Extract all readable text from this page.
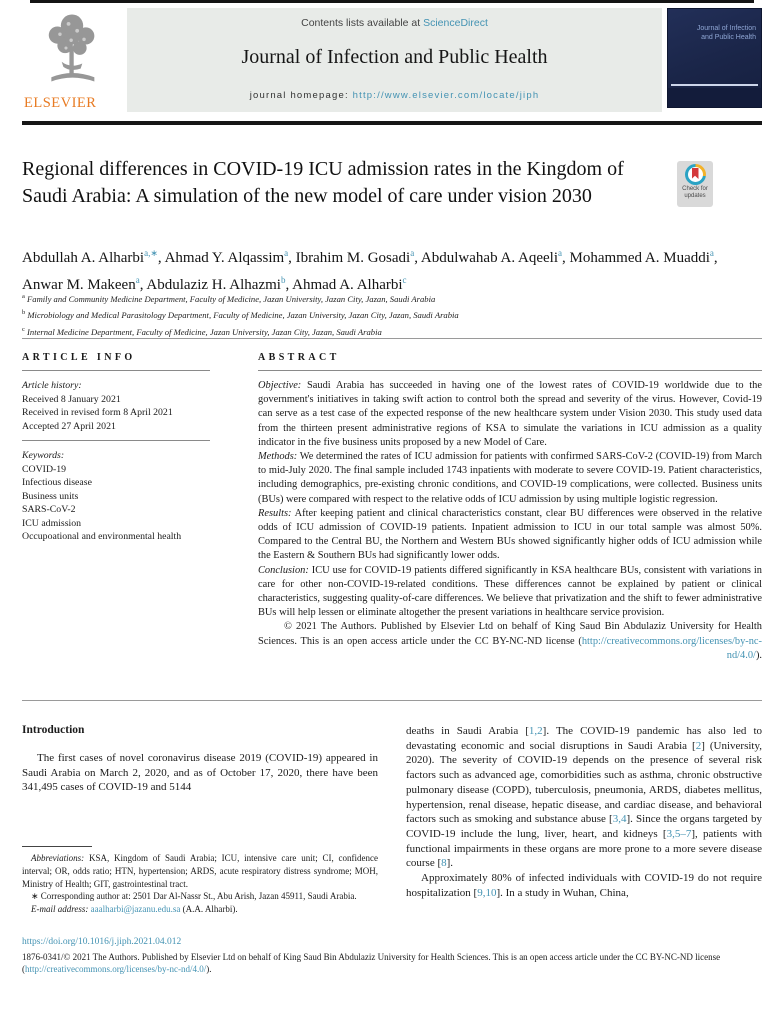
ELSEVIER
Contents lists available at ScienceDirect
Journal of Infection and Public Health
journal homepage: http://www.elsevier.com/locate/jiph
Journal of Infection and Public Health
Regional differences in COVID-19 ICU admission rates in the Kingdom of Saudi Arabia: A simulation of the new model of care under vision 2030	Check for updates
Abdullah A. Alharbi$^{a,∗}$, Ahmad Y. Alqassim$^a$, Ibrahim M. Gosadi$^a$, Abdulwahab A. Aqeeli$^a$, Mohammed A. Muaddi$^a$, Anwar M. Makeen$^a$, Abdulaziz H. Alhazmi$^b$, Ahmad A. Alharbi$^c$
$^a$ Family and Community Medicine Department, Faculty of Medicine, Jazan University, Jazan City, Jazan, Saudi Arabia
$^b$ Microbiology and Medical Parasitology Department, Faculty of Medicine, Jazan University, Jazan City, Jazan, Saudi Arabia
$^c$ Internal Medicine Department, Faculty of Medicine, Jazan University, Jazan City, Jazan, Saudi Arabia
ARTICLE INFO
Article history:
Received 8 January 2021
Received in revised form 8 April 2021
Accepted 27 April 2021
Keywords:
COVID-19
Infectious disease
Business units
SARS-CoV-2
ICU admission
Occupoational and environmental health
ABSTRACT

Objective: Saudi Arabia has succeeded in having one of the lowest rates of COVID-19 worldwide due to the government's initiatives in taking swift action to control both the spread and severity of the virus. However, Covid-19 can serve as a test case of the expected response of the new healthcare system under Vision 2030. This study used data from the thirteen present administrative regions of KSA to simulate the variations in ICU admission as a quality indicator in the five business units proposed by a new Model of Care.

Methods: We determined the rates of ICU admission for patients with confirmed SARS-CoV-2 (COVID-19) from March to mid-July 2020. The final sample included 1743 inpatients with moderate to severe COVID-19. Patient characteristics, including demographics, pre-existing chronic conditions, and COVID-19 complications, were collected. Business units (BUs) were compared with respect to the relative odds of ICU admission by using multiple logistic regression.

Results: After keeping patient and clinical characteristics constant, clear BU differences were observed in the relative odds of ICU admission of COVID-19 patients. Inpatient admission to ICU in our total sample was almost 50%. Compared to the Central BU, the Northern and Western BUs showed significantly higher odds of ICU admission while the Eastern & Southern BUs had significantly lower odds.

Conclusion: ICU use for COVID-19 patients differed significantly in KSA healthcare BUs, consistent with variations in care for other non-COVID-19-related conditions. These differences cannot be explained by patient or clinical characteristics, suggesting quality-of-care differences. We believe that privatization and the shift to fewer administrative BUs will help lessen or eliminate altogether the present variations in healthcare service provision.

© 2021 The Authors. Published by Elsevier Ltd on behalf of King Saud Bin Abdulaziz University for Health Sciences. This is an open access article under the CC BY-NC-ND license (http://creativecommons.org/licenses/by-nc-nd/4.0/).
Introduction

The first cases of novel coronavirus disease 2019 (COVID-19) appeared in Saudi Arabia on March 2, 2020, and as of October 17, 2020, there have been 341,495 cases of COVID-19 and 5144

deaths in Saudi Arabia [1,2]. The COVID-19 pandemic has also led to devastating economic and social disruptions in Saudi Arabia [2] (University, 2020). The severity of COVID-19 depends on the presence of several risk factors such as advanced age, comorbidities such as asthma, chronic obstructive pulmonary disease (COPD), tuberculosis, pneumonia, ARDS, diabetes mellitus, hypertension, renal disease, hepatic disease, and cardiac disease, and behavioral factors such as smoking and substance abuse [3,4]. Since the organs targeted by COVID-19 include the lung, liver, heart, and kidneys [3,5–7], patients with functional impairments in these organs are more prone to a more severe disease course [8].

Approximately 80% of infected individuals with COVID-19 do not require hospitalization [9,10]. In a study in Wuhan, China,

Abbreviations: KSA, Kingdom of Saudi Arabia; ICU, intensive care unit; CI, confidence interval; OR, odds ratio; HTN, hypertension; ARDS, acute respiratory distress syndrome; MOH, Ministry of Health; GIT, gastrointestinal tract.
∗ Corresponding author at: 2501 Dar Al-Nassr St., Abu Arish, Jazan 45911, Saudi Arabia.
E-mail address: aaalharbi@jazanu.edu.sa (A.A. Alharbi).
https://doi.org/10.1016/j.jiph.2021.04.012
1876-0341/© 2021 The Authors. Published by Elsevier Ltd on behalf of King Saud Bin Abdulaziz University for Health Sciences. This is an open access article under the CC BY-NC-ND license (http://creativecommons.org/licenses/by-nc-nd/4.0/).
